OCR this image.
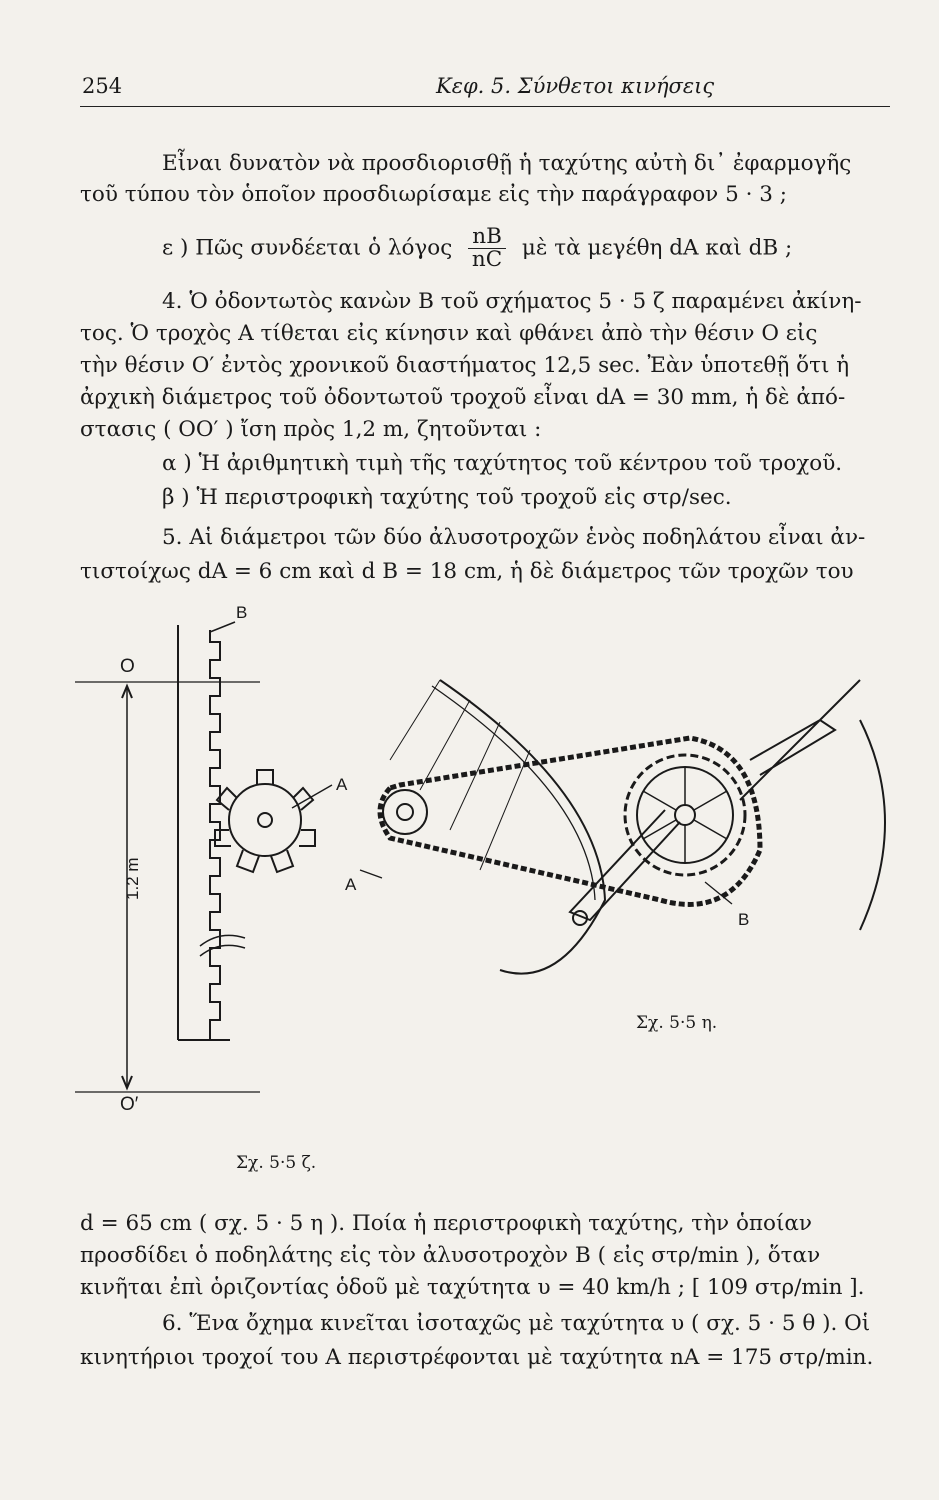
254	Κεφ. 5. Σύνθετοι κινήσεις
Εἶναι δυνατὸν νὰ προσδιορισθῇ ἡ ταχύτης αὐτὴ δι᾽ ἐφαρμογῆς
τοῦ τύπου τὸν ὁποῖον προσδιωρίσαμε εἰς τὴν παράγραφον 5 · 3 ;
ε ) Πῶς συνδέεται ὁ λόγος $\frac{nB}{nC}$ μὲ τὰ μεγέθη dA καὶ dB ;
4. Ὁ ὀδοντωτὸς κανὼν B τοῦ σχήματος 5 · 5 ζ παραμένει ἀκίνη-
τος. Ὁ τροχὸς A τίθεται εἰς κίνησιν καὶ φθάνει ἀπὸ τὴν θέσιν O εἰς
τὴν θέσιν O′ ἐντὸς χρονικοῦ διαστήματος 12,5 sec. Ἐὰν ὑποτεθῇ ὅτι ἡ
ἀρχικὴ διάμετρος τοῦ ὀδοντωτοῦ τροχοῦ εἶναι dA = 30 mm, ἡ δὲ ἀπό-
στασις ( OO′ ) ἴση πρὸς 1,2 m, ζητοῦνται :
α ) Ἡ ἀριθμητικὴ τιμὴ τῆς ταχύτητος τοῦ κέντρου τοῦ τροχοῦ.
β ) Ἡ περιστροφικὴ ταχύτης τοῦ τροχοῦ εἰς στρ/sec.
5. Αἱ διάμετροι τῶν δύο ἀλυσοτροχῶν ἑνὸς ποδηλάτου εἶναι ἀν-
τιστοίχως dA = 6 cm καὶ d B = 18 cm, ἡ δὲ διάμετρος τῶν τροχῶν του
B
A
O
O′
1.2 m	A
B
Σχ. 5·5 η.
Σχ. 5·5 ζ.
d = 65 cm ( σχ. 5 · 5 η ). Ποία ἡ περιστροφικὴ ταχύτης, τὴν ὁποίαν
προσδίδει ὁ ποδηλάτης εἰς τὸν ἀλυσοτροχὸν B ( εἰς στρ/min ), ὅταν
κινῆται ἐπὶ ὁριζοντίας ὁδοῦ μὲ ταχύτητα υ = 40 km/h ; [ 109 στρ/min ].
6. Ἕνα ὄχημα κινεῖται ἰσοταχῶς μὲ ταχύτητα υ ( σχ. 5 · 5 θ ). Οἱ
κινητήριοι τροχοί του A περιστρέφονται μὲ ταχύτητα nA = 175 στρ/min.
